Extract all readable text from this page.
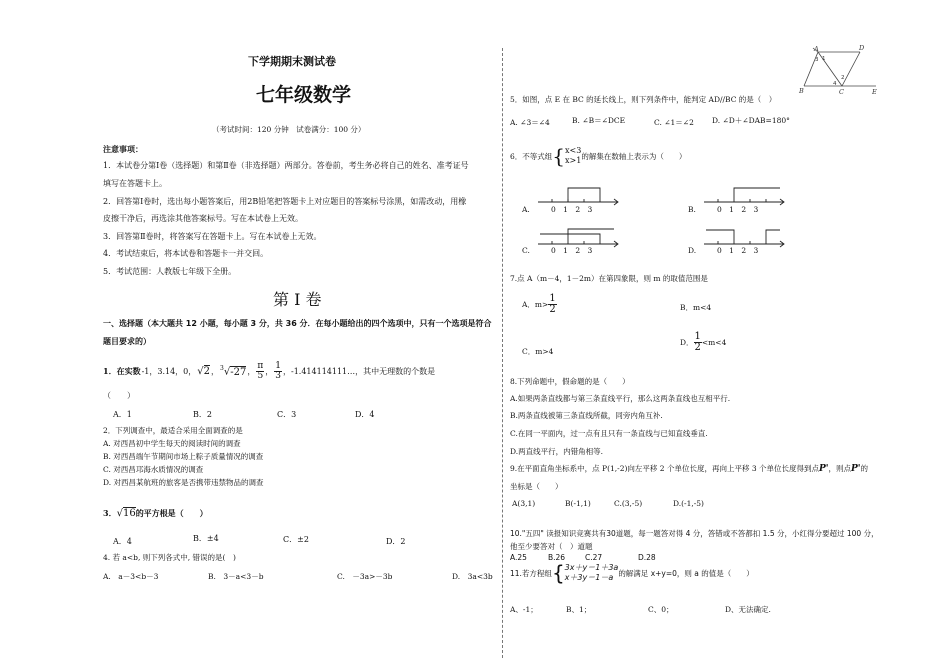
下学期期末测试卷
七年级数学
（考试时间：120 分钟　试卷满分：100 分）
注意事项：
1．本试卷分第Ⅰ卷（选择题）和第Ⅱ卷（非选择题）两部分。答卷前，考生务必将自己的姓名、准考证号
填写在答题卡上。
2．回答第Ⅰ卷时，选出每小题答案后，用2B铅笔把答题卡上对应题目的答案标号涂黑，如需改动，用橡
皮擦干净后，再选涂其他答案标号。写在本试卷上无效。
3．回答第Ⅱ卷时，将答案写在答题卡上。写在本试卷上无效。
4．考试结束后，将本试卷和答题卡一并交回。
5．考试范围：人教版七年级下全册。
第 I 卷
一、选择题（本大题共 12 小题，每小题 3 分，共 36 分．在每小题给出的四个选项中，只有一个选项是符合
题目要求的）
1．在实数 -1，3.14，0， √2 ， $^3$√-27 ， $\frac{\pi}{5}$ ， $\frac{1}{3}$ ，-1.414114111…，其中无理数的个数是
（　　）
A．1	B．2	C．3	D．4
2．下列调查中，最适合采用全面调查的是
A. 对西昌初中学生每天的阅读时间的调查
B. 对西昌端午节期间市场上粽子质量情况的调查
C. 对西昌邛海水质情况的调查
D. 对西昌某航班的旅客是否携带违禁物品的调查
3． √16 的平方根是（　　）
A．4	B．±4	C．±2	D．2
4. 若 a<b, 则下列各式中, 错误的是(　)
A.　a－3<b－3	B.　3－a<3－b	C.　－3a>－3b	D.　3a<3b
A	D
B	C	E
1
2
3
4
5．如图，点 E 在 BC 的延长线上，则下列条件中，能判定 AD//BC 的是（　）
A. ∠3＝∠4	B. ∠B＝∠DCE	C. ∠1＝∠2 D. ∠D＋∠DAB=180°
6．不等式组 { x<3
x>1 的解集在数轴上表示为（　　）
A.	0 1 2 3	B.	0 1 2 3
C.	0 1 2 3	D.	0 1 2 3
7.点 A（m－4，1－2m）在第四象限，则 m 的取值范围是
A．$m> \frac{1}{2}$	B．m<4
C．m>4
D． $\frac{1}{2} <m<4$
8.下列命题中，假命题的是（　　）
A.如果两条直线都与第三条直线平行，那么这两条直线也互相平行.
B.两条直线被第三条直线所截，同旁内角互补.
C.在同一平面内，过一点有且只有一条直线与已知直线垂直.
D.两直线平行，内错角相等.
9.在平面直角坐标系中，点 P(1,-2)向左平移 2 个单位长度，再向上平移 3 个单位长度得到点P'，则点P'的
坐标是（　　）
A(3,1)	B(-1,1)	C.(3,-5)	D.(-1,-5)
10."五四" 读报知识竞赛共有30道题，每一题答对得 4 分，答错或不答都扣 1.5 分，小红得分要超过 100 分，
他至少要答对（　）道题
A.25	B.26	C.27	D.28
11.若方程组 { 3x＋y＝1＋3a
x＋3y＝1－a 的解满足 x+y=0，则 a 的值是（　　）
A、-1；	B、1；	C、0；	D、无法确定.
